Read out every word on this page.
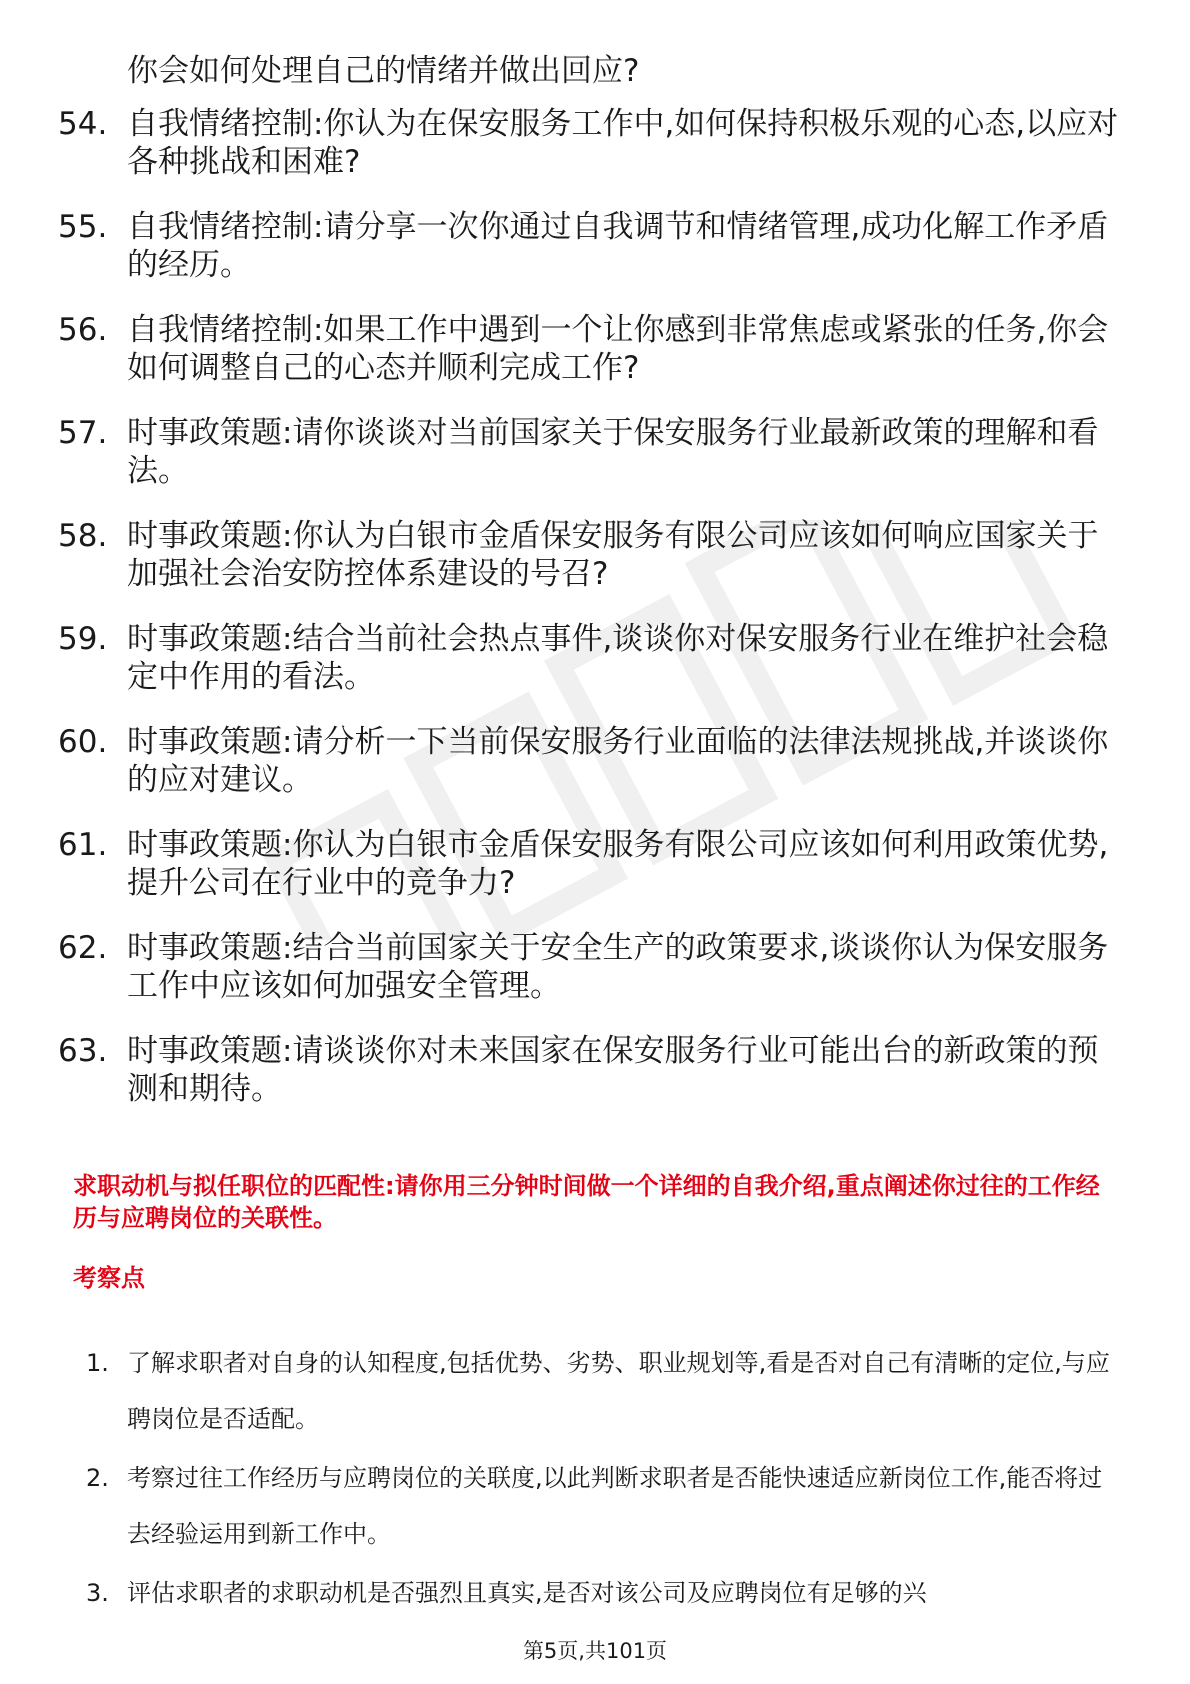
你会如何处理自己的情绪并做出回应?
54. 自我情绪控制:你认为在保安服务工作中,如何保持积极乐观的心态,以应对各种挑战和困难?
55. 自我情绪控制:请分享一次你通过自我调节和情绪管理,成功化解工作矛盾的经历。
56. 自我情绪控制:如果工作中遇到一个让你感到非常焦虑或紧张的任务,你会如何调整自己的心态并顺利完成工作?
57. 时事政策题:请你谈谈对当前国家关于保安服务行业最新政策的理解和看法。
58. 时事政策题:你认为白银市金盾保安服务有限公司应该如何响应国家关于加强社会治安防控体系建设的号召?
59. 时事政策题:结合当前社会热点事件,谈谈你对保安服务行业在维护社会稳定中作用的看法。
60. 时事政策题:请分析一下当前保安服务行业面临的法律法规挑战,并谈谈你的应对建议。
61. 时事政策题:你认为白银市金盾保安服务有限公司应该如何利用政策优势,提升公司在行业中的竞争力?
62. 时事政策题:结合当前国家关于安全生产的政策要求,谈谈你认为保安服务工作中应该如何加强安全管理。
63. 时事政策题:请谈谈你对未来国家在保安服务行业可能出台的新政策的预测和期待。
求职动机与拟任职位的匹配性:请你用三分钟时间做一个详细的自我介绍,重点阐述你过往的工作经历与应聘岗位的关联性。
考察点
1. 了解求职者对自身的认知程度,包括优势、劣势、职业规划等,看是否对自己有清晰的定位,与应聘岗位是否适配。
2. 考察过往工作经历与应聘岗位的关联度,以此判断求职者是否能快速适应新岗位工作,能否将过去经验运用到新工作中。
3. 评估求职者的求职动机是否强烈且真实,是否对该公司及应聘岗位有足够的兴
第5页,共101页
